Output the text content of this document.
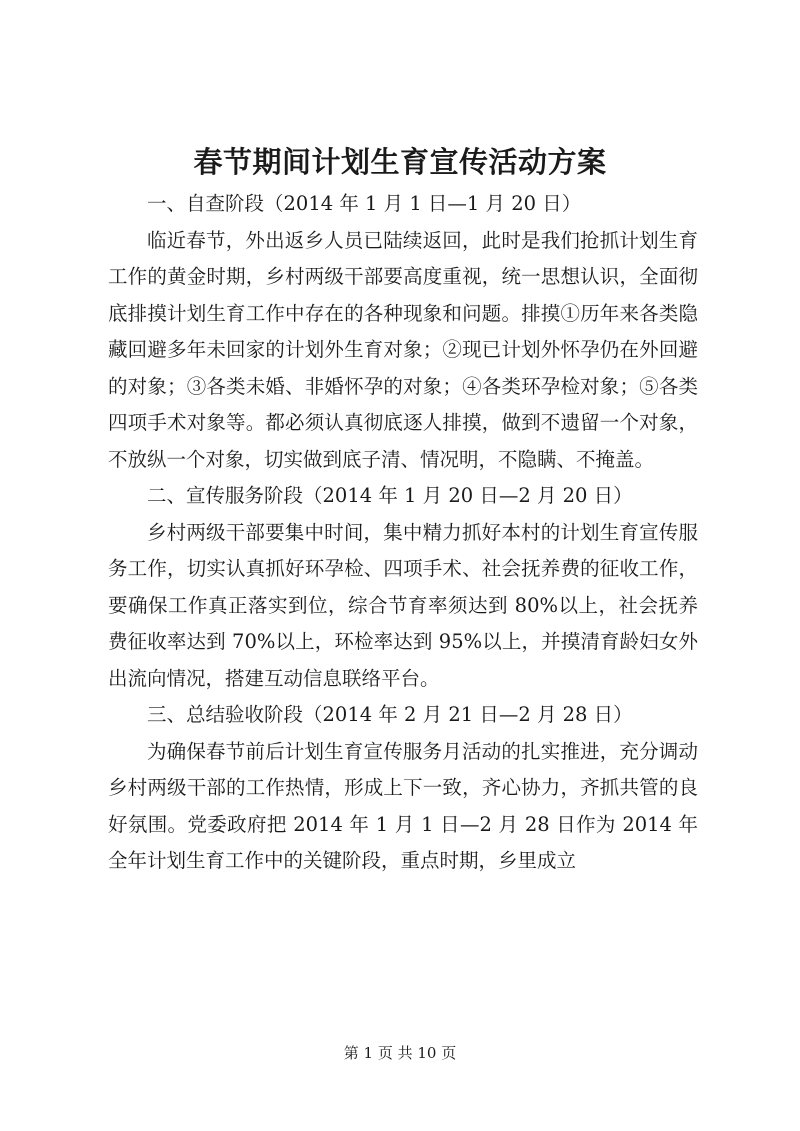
春节期间计划生育宣传活动方案
一、自查阶段（2014 年 1 月 1 日—1 月 20 日）

临近春节，外出返乡人员已陆续返回，此时是我们抢抓计划生育工作的黄金时期，乡村两级干部要高度重视，统一思想认识，全面彻底排摸计划生育工作中存在的各种现象和问题。排摸①历年来各类隐藏回避多年未回家的计划外生育对象；②现已计划外怀孕仍在外回避的对象；③各类未婚、非婚怀孕的对象；④各类环孕检对象；⑤各类四项手术对象等。都必须认真彻底逐人排摸，做到不遗留一个对象，不放纵一个对象，切实做到底子清、情况明，不隐瞒、不掩盖。

二、宣传服务阶段（2014 年 1 月 20 日—2 月 20 日）

乡村两级干部要集中时间，集中精力抓好本村的计划生育宣传服务工作，切实认真抓好环孕检、四项手术、社会抚养费的征收工作，要确保工作真正落实到位，综合节育率须达到 80%以上，社会抚养费征收率达到 70%以上，环检率达到 95%以上，并摸清育龄妇女外出流向情况，搭建互动信息联络平台。

三、总结验收阶段（2014 年 2 月 21 日—2 月 28 日）

为确保春节前后计划生育宣传服务月活动的扎实推进，充分调动乡村两级干部的工作热情，形成上下一致，齐心协力，齐抓共管的良好氛围。党委政府把 2014 年 1 月 1 日—2 月 28 日作为 2014 年全年计划生育工作中的关键阶段，重点时期，乡里成立

第 1 页 共 10 页
